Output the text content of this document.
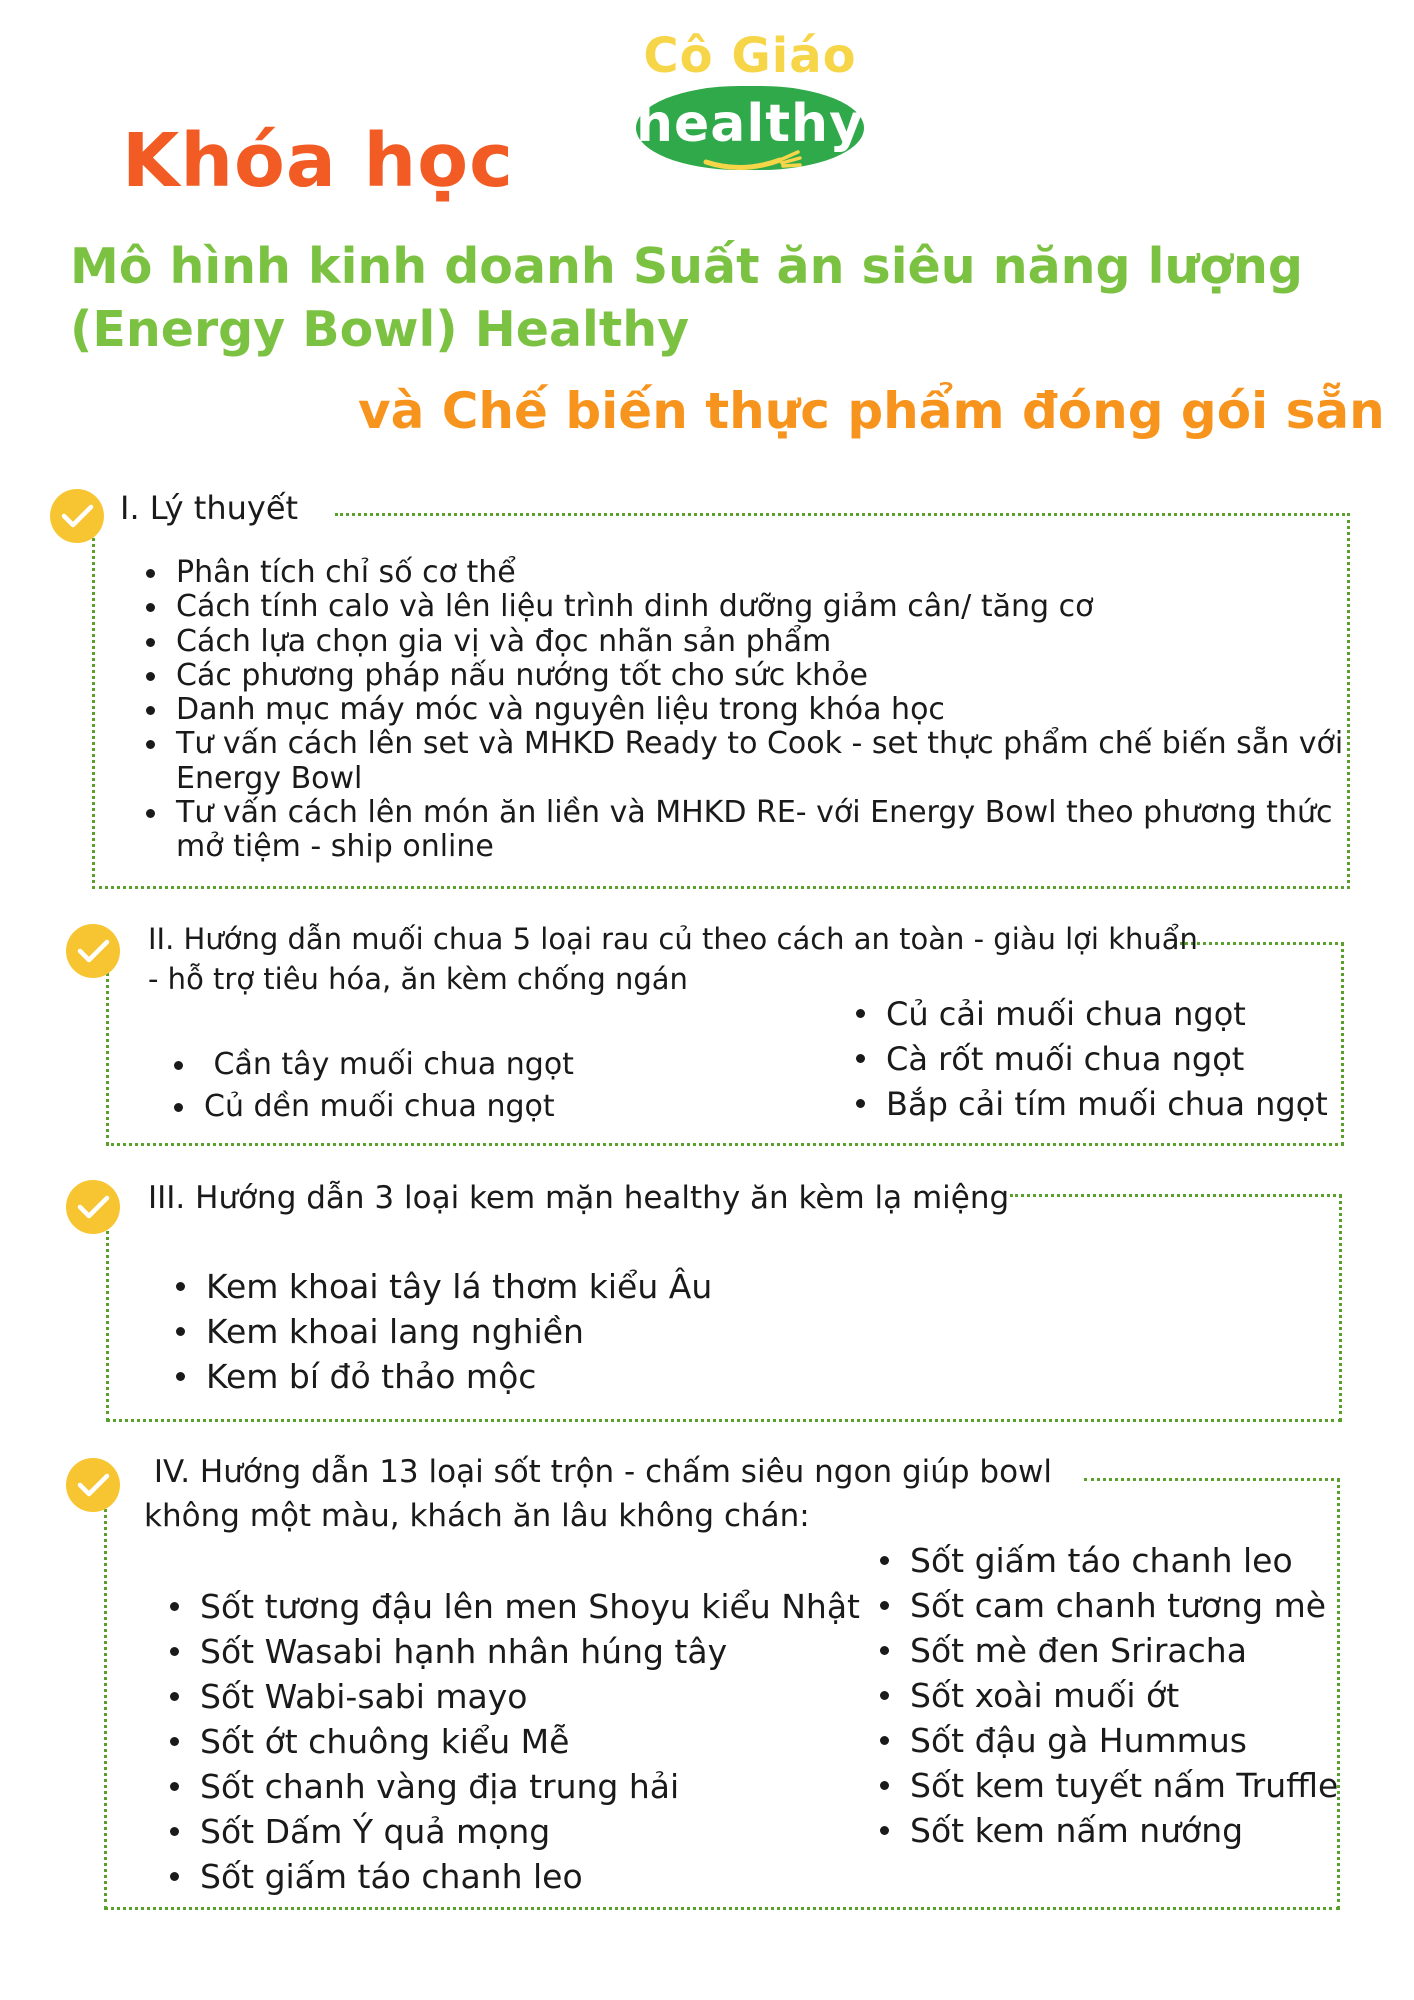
Cô Giáo
healthy
Khóa học
Mô hình kinh doanh Suất ăn siêu năng lượng
(Energy Bowl) Healthy
và Chế biến thực phẩm đóng gói sẵn
I. Lý thuyết
Phân tích chỉ số cơ thể
Cách tính calo và lên liệu trình dinh dưỡng giảm cân/ tăng cơ
Cách lựa chọn gia vị và đọc nhãn sản phẩm
Các phương pháp nấu nướng tốt cho sức khỏe
Danh mục máy móc và nguyên liệu trong khóa học
Tư vấn cách lên set và MHKD Ready to Cook - set thực phẩm chế biến sẵn với Energy Bowl
Tư vấn cách lên món ăn liền và MHKD RE- với Energy Bowl theo phương thức mở tiệm - ship online
II. Hướng dẫn muối chua 5 loại rau củ theo cách an toàn - giàu lợi khuẩn
- hỗ trợ tiêu hóa, ăn kèm chống ngán
Cần tây muối chua ngọt
Củ dền muối chua ngọt
Củ cải muối chua ngọt
Cà rốt muối chua ngọt
Bắp cải tím muối chua ngọt
III. Hướng dẫn 3 loại kem mặn healthy ăn kèm lạ miệng
Kem khoai tây lá thơm kiểu Âu
Kem khoai lang nghiền
Kem bí đỏ thảo mộc
IV. Hướng dẫn 13 loại sốt trộn - chấm siêu ngon giúp bowl
không một màu, khách ăn lâu không chán:
Sốt tương đậu lên men Shoyu kiểu Nhật
Sốt Wasabi hạnh nhân húng tây
Sốt Wabi-sabi mayo
Sốt ớt chuông kiểu Mễ
Sốt chanh vàng địa trung hải
Sốt Dấm Ý quả mọng
Sốt giấm táo chanh leo
Sốt giấm táo chanh leo
Sốt cam chanh tương mè
Sốt mè đen Sriracha
Sốt xoài muối ớt
Sốt đậu gà Hummus
Sốt kem tuyết nấm Truffle
Sốt kem nấm nướng
